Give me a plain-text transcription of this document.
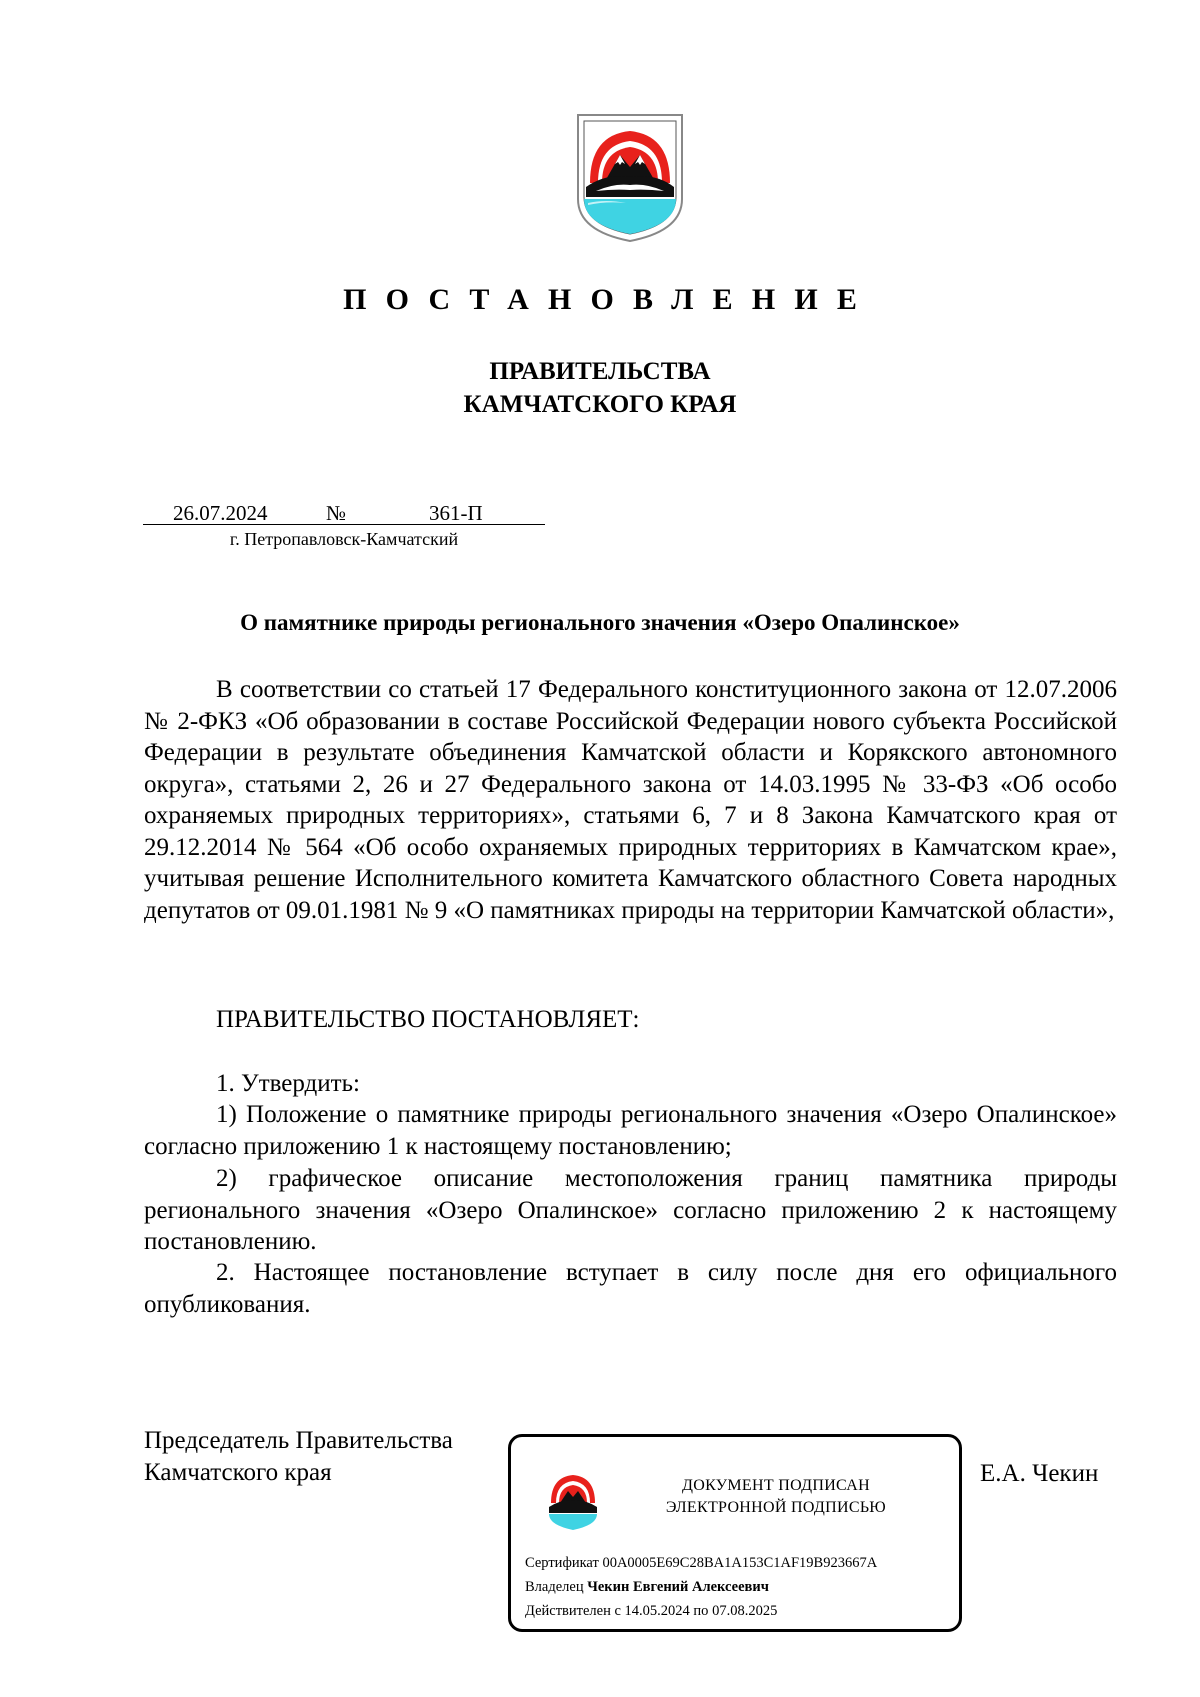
ПОСТАНОВЛЕНИЕ
ПРАВИТЕЛЬСТВА
КАМЧАТСКОГО КРАЯ
26.07.2024	№	361-П
г. Петропавловск-Камчатский
О памятнике природы регионального значения «Озеро Опалинское»
В соответствии со статьей 17 Федерального конституционного закона от 12.07.2006 № 2-ФКЗ «Об образовании в составе Российской Федерации нового субъекта Российской Федерации в результате объединения Камчатской области и Корякского автономного округа», статьями 2, 26 и 27 Федерального закона от 14.03.1995 № 33-ФЗ «Об особо охраняемых природных территориях», статьями 6, 7 и 8 Закона Камчатского края от 29.12.2014 № 564 «Об особо охраняемых природных территориях в Камчатском крае», учитывая решение Исполнительного комитета Камчатского областного Совета народных депутатов от 09.01.1981 № 9 «О памятниках природы на территории Камчатской области»,
ПРАВИТЕЛЬСТВО ПОСТАНОВЛЯЕТ:
1. Утвердить:
1) Положение о памятнике природы регионального значения «Озеро Опалинское» согласно приложению 1 к настоящему постановлению;
2) графическое описание местоположения границ памятника природы регионального значения «Озеро Опалинское» согласно приложению 2 к настоящему постановлению.
2. Настоящее постановление вступает в силу после дня его официального опубликования.
Председатель Правительства
Камчатского края	ДОКУМЕНТ ПОДПИСАН
ЭЛЕКТРОННОЙ ПОДПИСЬЮ
Сертификат 00A0005E69C28BA1A153C1AF19B923667A
Владелец Чекин Евгений Алексеевич
Действителен с 14.05.2024 по 07.08.2025
Е.А. Чекин
